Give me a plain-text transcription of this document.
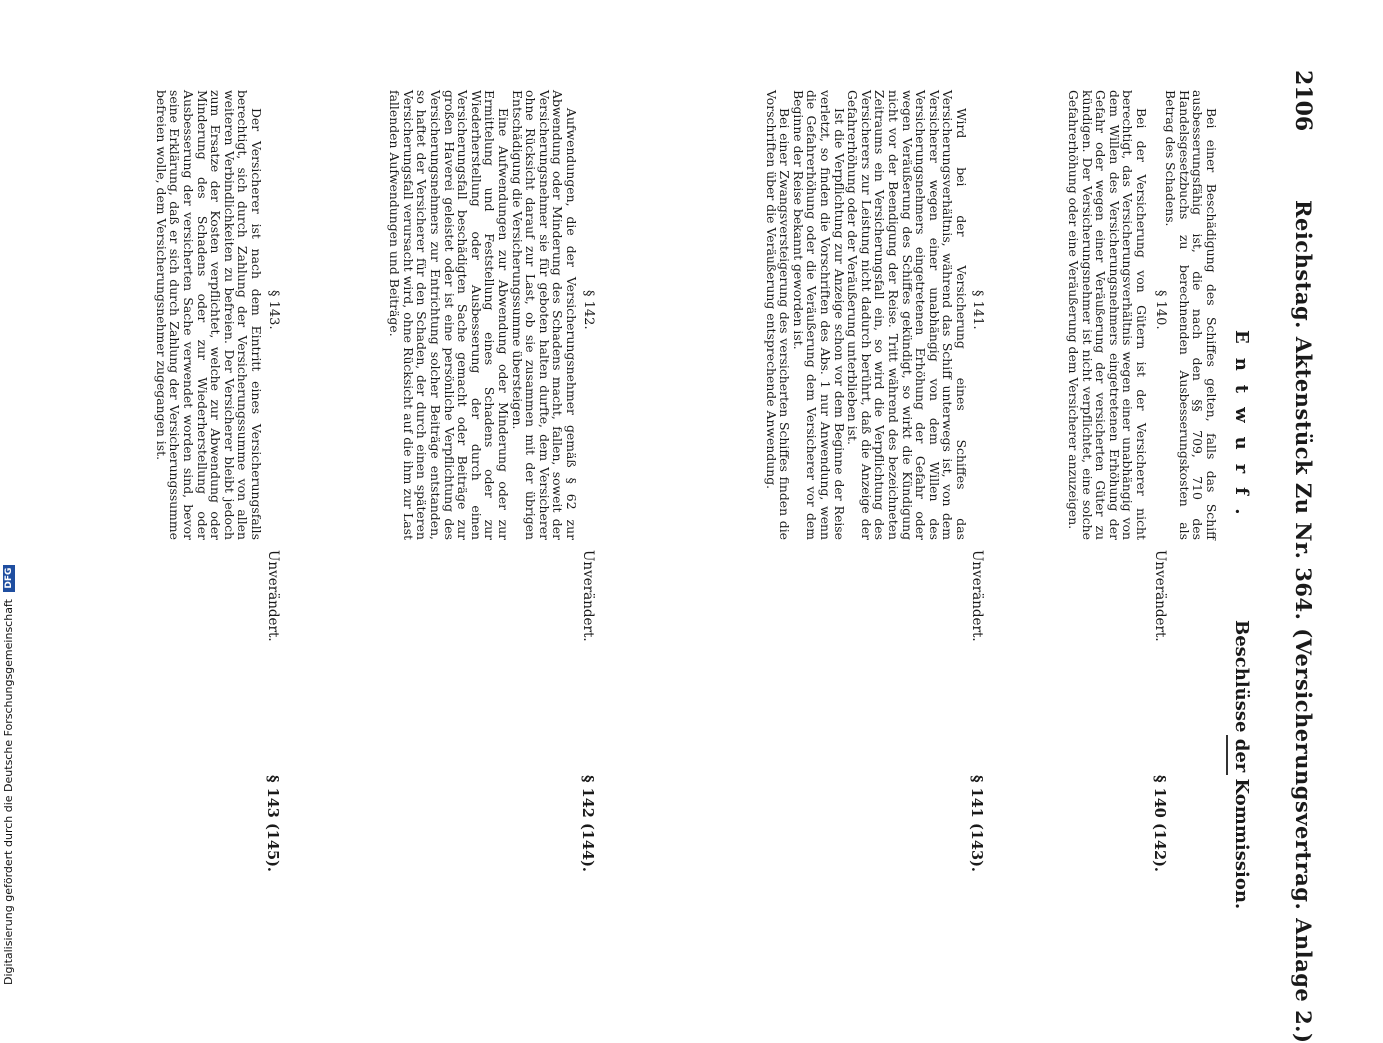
2106
Reichstag. Aktenstück Zu Nr. 364. (Versicherungsvertrag. Anlage 2.)
Entwurf.
Beschlüsse der Kommission.

Bei einer Beschädigung des Schiffes gelten, falls das Schiff ausbesserungsfähig ist, die nach den §§ 709, 710 des Handelsgesetzbuchs zu berechnenden Ausbesserungskosten als Betrag des Schadens.

§ 140.
Unverändert.
§ 140 (142).

Bei der Versicherung von Gütern ist der Versicherer nicht berechtigt, das Versicherungsverhältnis wegen einer unabhängig von dem Willen des Versicherungsnehmers eingetretenen Erhöhung der Gefahr oder wegen einer Veräußerung der versicherten Güter zu kündigen. Der Versicherungsnehmer ist nicht verpflichtet, eine solche Gefahrerhöhung oder eine Veräußerung dem Versicherer anzuzeigen.

§ 141.
Unverändert.
§ 141 (143).

Wird bei der Versicherung eines Schiffes das Versicherungsverhältnis, während das Schiff unterwegs ist, von dem Versicherer wegen einer unabhängig von dem Willen des Versicherungsnehmers eingetretenen Erhöhung der Gefahr oder wegen Veräußerung des Schiffes gekündigt, so wirkt die Kündigung nicht vor der Beendigung der Reise. Tritt während des bezeichneten Zeitraums ein Versicherungsfall ein, so wird die Verpflichtung des Versicherers zur Leistung nicht dadurch berührt, daß die Anzeige der Gefahrerhöhung oder der Veräußerung unterblieben ist.

Ist die Verpflichtung zur Anzeige schon vor dem Beginne der Reise verletzt, so finden die Vorschriften des Abs. 1 nur Anwendung, wenn die Gefahrerhöhung oder die Veräußerung dem Versicherer vor dem Beginne der Reise bekannt geworden ist.

Bei einer Zwangsversteigerung des versicherten Schiffes finden die Vorschriften über die Veräußerung entsprechende Anwendung.

§ 142.
Unverändert.
§ 142 (144).

Aufwendungen, die der Versicherungsnehmer gemäß § 62 zur Abwendung oder Minderung des Schadens macht, fallen, soweit der Versicherungsnehmer sie für geboten halten durfte, dem Versicherer ohne Rücksicht darauf zur Last, ob sie zusammen mit der übrigen Entschädigung die Versicherungssumme übersteigen.

Eine Aufwendungen zur Abwendung oder Minderung oder zur Ermittelung und Feststellung eines Schadens oder zur Wiederherstellung oder Ausbesserung der durch einen Versicherungsfall beschädigten Sache gemacht oder Beiträge zur großen Haverei geleistet oder ist eine persönliche Verpflichtung des Versicherungsnehmers zur Entrichtung solcher Beiträge entstanden, so haftet der Versicherer für den Schaden, der durch einen späteren Versicherungsfall verursacht wird, ohne Rücksicht auf die ihm zur Last fallenden Aufwendungen und Beiträge.

§ 143.
Unverändert.
§ 143 (145).

Der Versicherer ist nach dem Eintritt eines Versicherungsfalls berechtigt, sich durch Zahlung der Versicherungssumme von allen weiteren Verbindlichkeiten zu befreien. Der Versicherer bleibt jedoch zum Ersatze der Kosten verpflichtet, welche zur Abwendung oder Minderung des Schadens oder zur Wiederherstellung oder Ausbesserung der versicherten Sache verwendet worden sind, bevor seine Erklärung, daß er sich durch Zahlung der Versicherungssumme befreien wolle, dem Versicherungsnehmer zugegangen ist.

Digitalisierung gefördert durch die Deutsche Forschungsgemeinschaft DFG
